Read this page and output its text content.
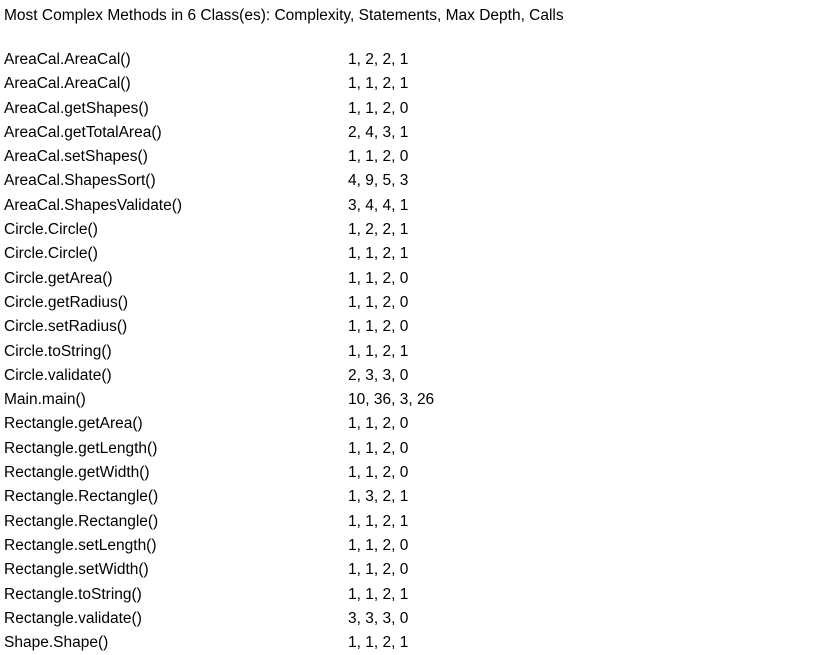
Most Complex Methods in 6 Class(es): Complexity, Statements, Max Depth, Calls
AreaCal.AreaCal()	1, 2, 2, 1
AreaCal.AreaCal()	1, 1, 2, 1
AreaCal.getShapes()	1, 1, 2, 0
AreaCal.getTotalArea()	2, 4, 3, 1
AreaCal.setShapes()	1, 1, 2, 0
AreaCal.ShapesSort()	4, 9, 5, 3
AreaCal.ShapesValidate()	3, 4, 4, 1
Circle.Circle()	1, 2, 2, 1
Circle.Circle()	1, 1, 2, 1
Circle.getArea()	1, 1, 2, 0
Circle.getRadius()	1, 1, 2, 0
Circle.setRadius()	1, 1, 2, 0
Circle.toString()	1, 1, 2, 1
Circle.validate()	2, 3, 3, 0
Main.main()	10, 36, 3, 26
Rectangle.getArea()	1, 1, 2, 0
Rectangle.getLength()	1, 1, 2, 0
Rectangle.getWidth()	1, 1, 2, 0
Rectangle.Rectangle()	1, 3, 2, 1
Rectangle.Rectangle()	1, 1, 2, 1
Rectangle.setLength()	1, 1, 2, 0
Rectangle.setWidth()	1, 1, 2, 0
Rectangle.toString()	1, 1, 2, 1
Rectangle.validate()	3, 3, 3, 0
Shape.Shape()	1, 1, 2, 1
